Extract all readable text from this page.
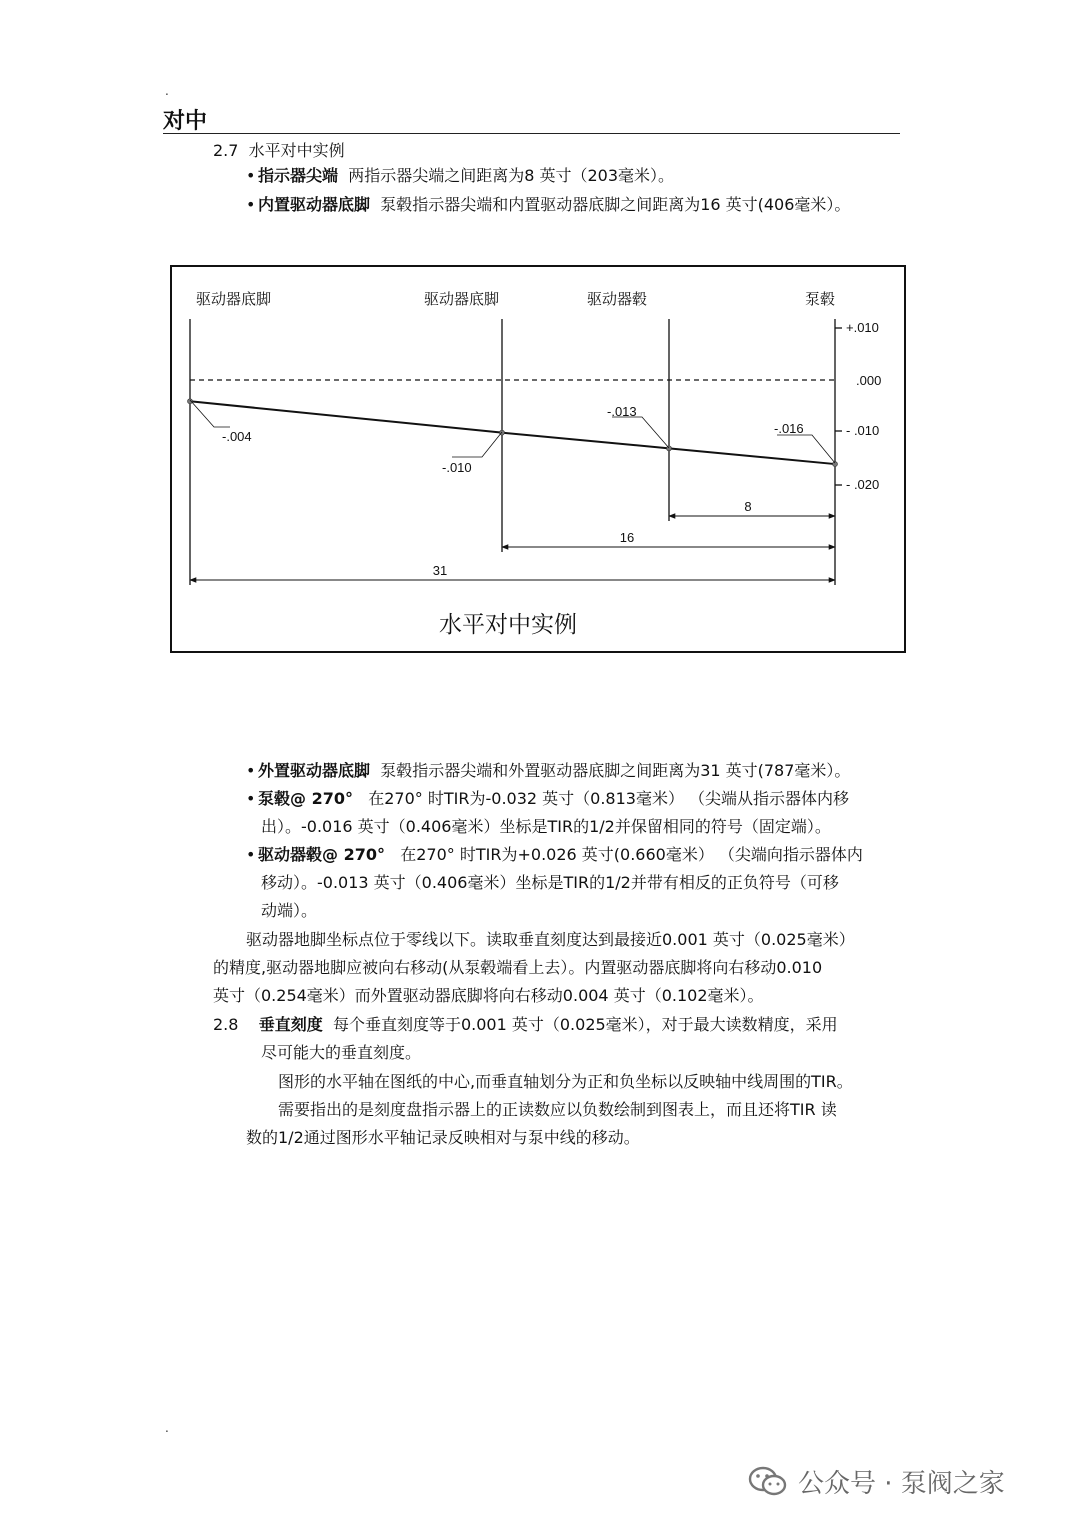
.
对中
2.7 水平对中实例
• 指示器尖端 两指示器尖端之间距离为8 英寸（203毫米）。
• 内置驱动器底脚 泵毂指示器尖端和内置驱动器底脚之间距离为16 英寸(406毫米）。
驱动器底脚	驱动器底脚	驱动器毂	泵毂
+.010
.000
- .010
- .020
-.004
-.010
-.013
-.016
8
16
31
水平对中实例
• 外置驱动器底脚 泵毂指示器尖端和外置驱动器底脚之间距离为31 英寸(787毫米）。
• 泵毂@ 270° 在270° 时TIR为-0.032 英寸（0.813毫米） （尖端从指示器体内移
出）。-0.016 英寸（0.406毫米）坐标是TIR的1/2并保留相同的符号（固定端）。
• 驱动器毂@ 270° 在270° 时TIR为+0.026 英寸(0.660毫米） （尖端向指示器体内
移动）。-0.013 英寸（0.406毫米）坐标是TIR的1/2并带有相反的正负符号（可移
动端）。
驱动器地脚坐标点位于零线以下。读取垂直刻度达到最接近0.001 英寸（0.025毫米）
的精度,驱动器地脚应被向右移动(从泵毂端看上去）。内置驱动器底脚将向右移动0.010
英寸（0.254毫米）而外置驱动器底脚将向右移动0.004 英寸（0.102毫米）。
2.8 垂直刻度 每个垂直刻度等于0.001 英寸（0.025毫米），对于最大读数精度，采用
尽可能大的垂直刻度。
图形的水平轴在图纸的中心,而垂直轴划分为正和负坐标以反映轴中线周围的TIR。
需要指出的是刻度盘指示器上的正读数应以负数绘制到图表上，而且还将TIR 读
数的1/2通过图形水平轴记录反映相对与泵中线的移动。
.
公众号 · 泵阀之家
